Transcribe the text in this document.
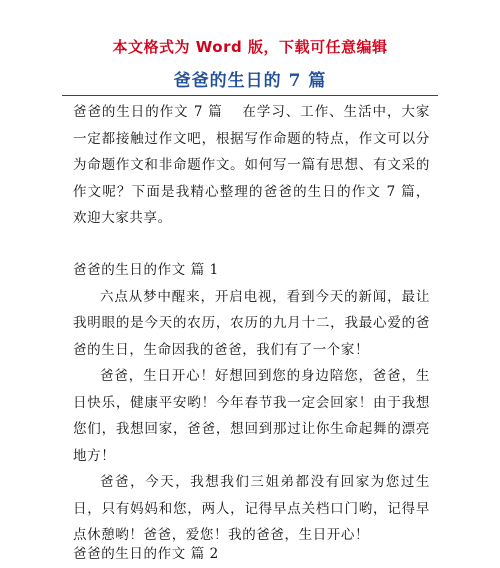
本文格式为 Word 版，下载可任意编辑
爸爸的生日的 7 篇
爸爸的生日的作文 7 篇　 在学习、工作、生活中，大家一定都接触过作文吧，根据写作命题的特点，作文可以分为命题作文和非命题作文。如何写一篇有思想、有文采的作文呢？下面是我精心整理的爸爸的生日的作文 7 篇，欢迎大家共享。
爸爸的生日的作文 篇 1
六点从梦中醒来，开启电视，看到今天的新闻，最让我明眼的是今天的农历，农历的九月十二，我最心爱的爸爸的生日，生命因我的爸爸，我们有了一个家！
爸爸，生日开心！好想回到您的身边陪您，爸爸，生日快乐，健康平安哟！今年春节我一定会回家！由于我想您们，我想回家，爸爸，想回到那过让你生命起舞的漂亮地方！
爸爸，今天，我想我们三姐弟都没有回家为您过生日，只有妈妈和您，两人，记得早点关档口门哟，记得早点休憩哟！爸爸，爱您！我的爸爸，生日开心！
爸爸的生日的作文 篇 2
